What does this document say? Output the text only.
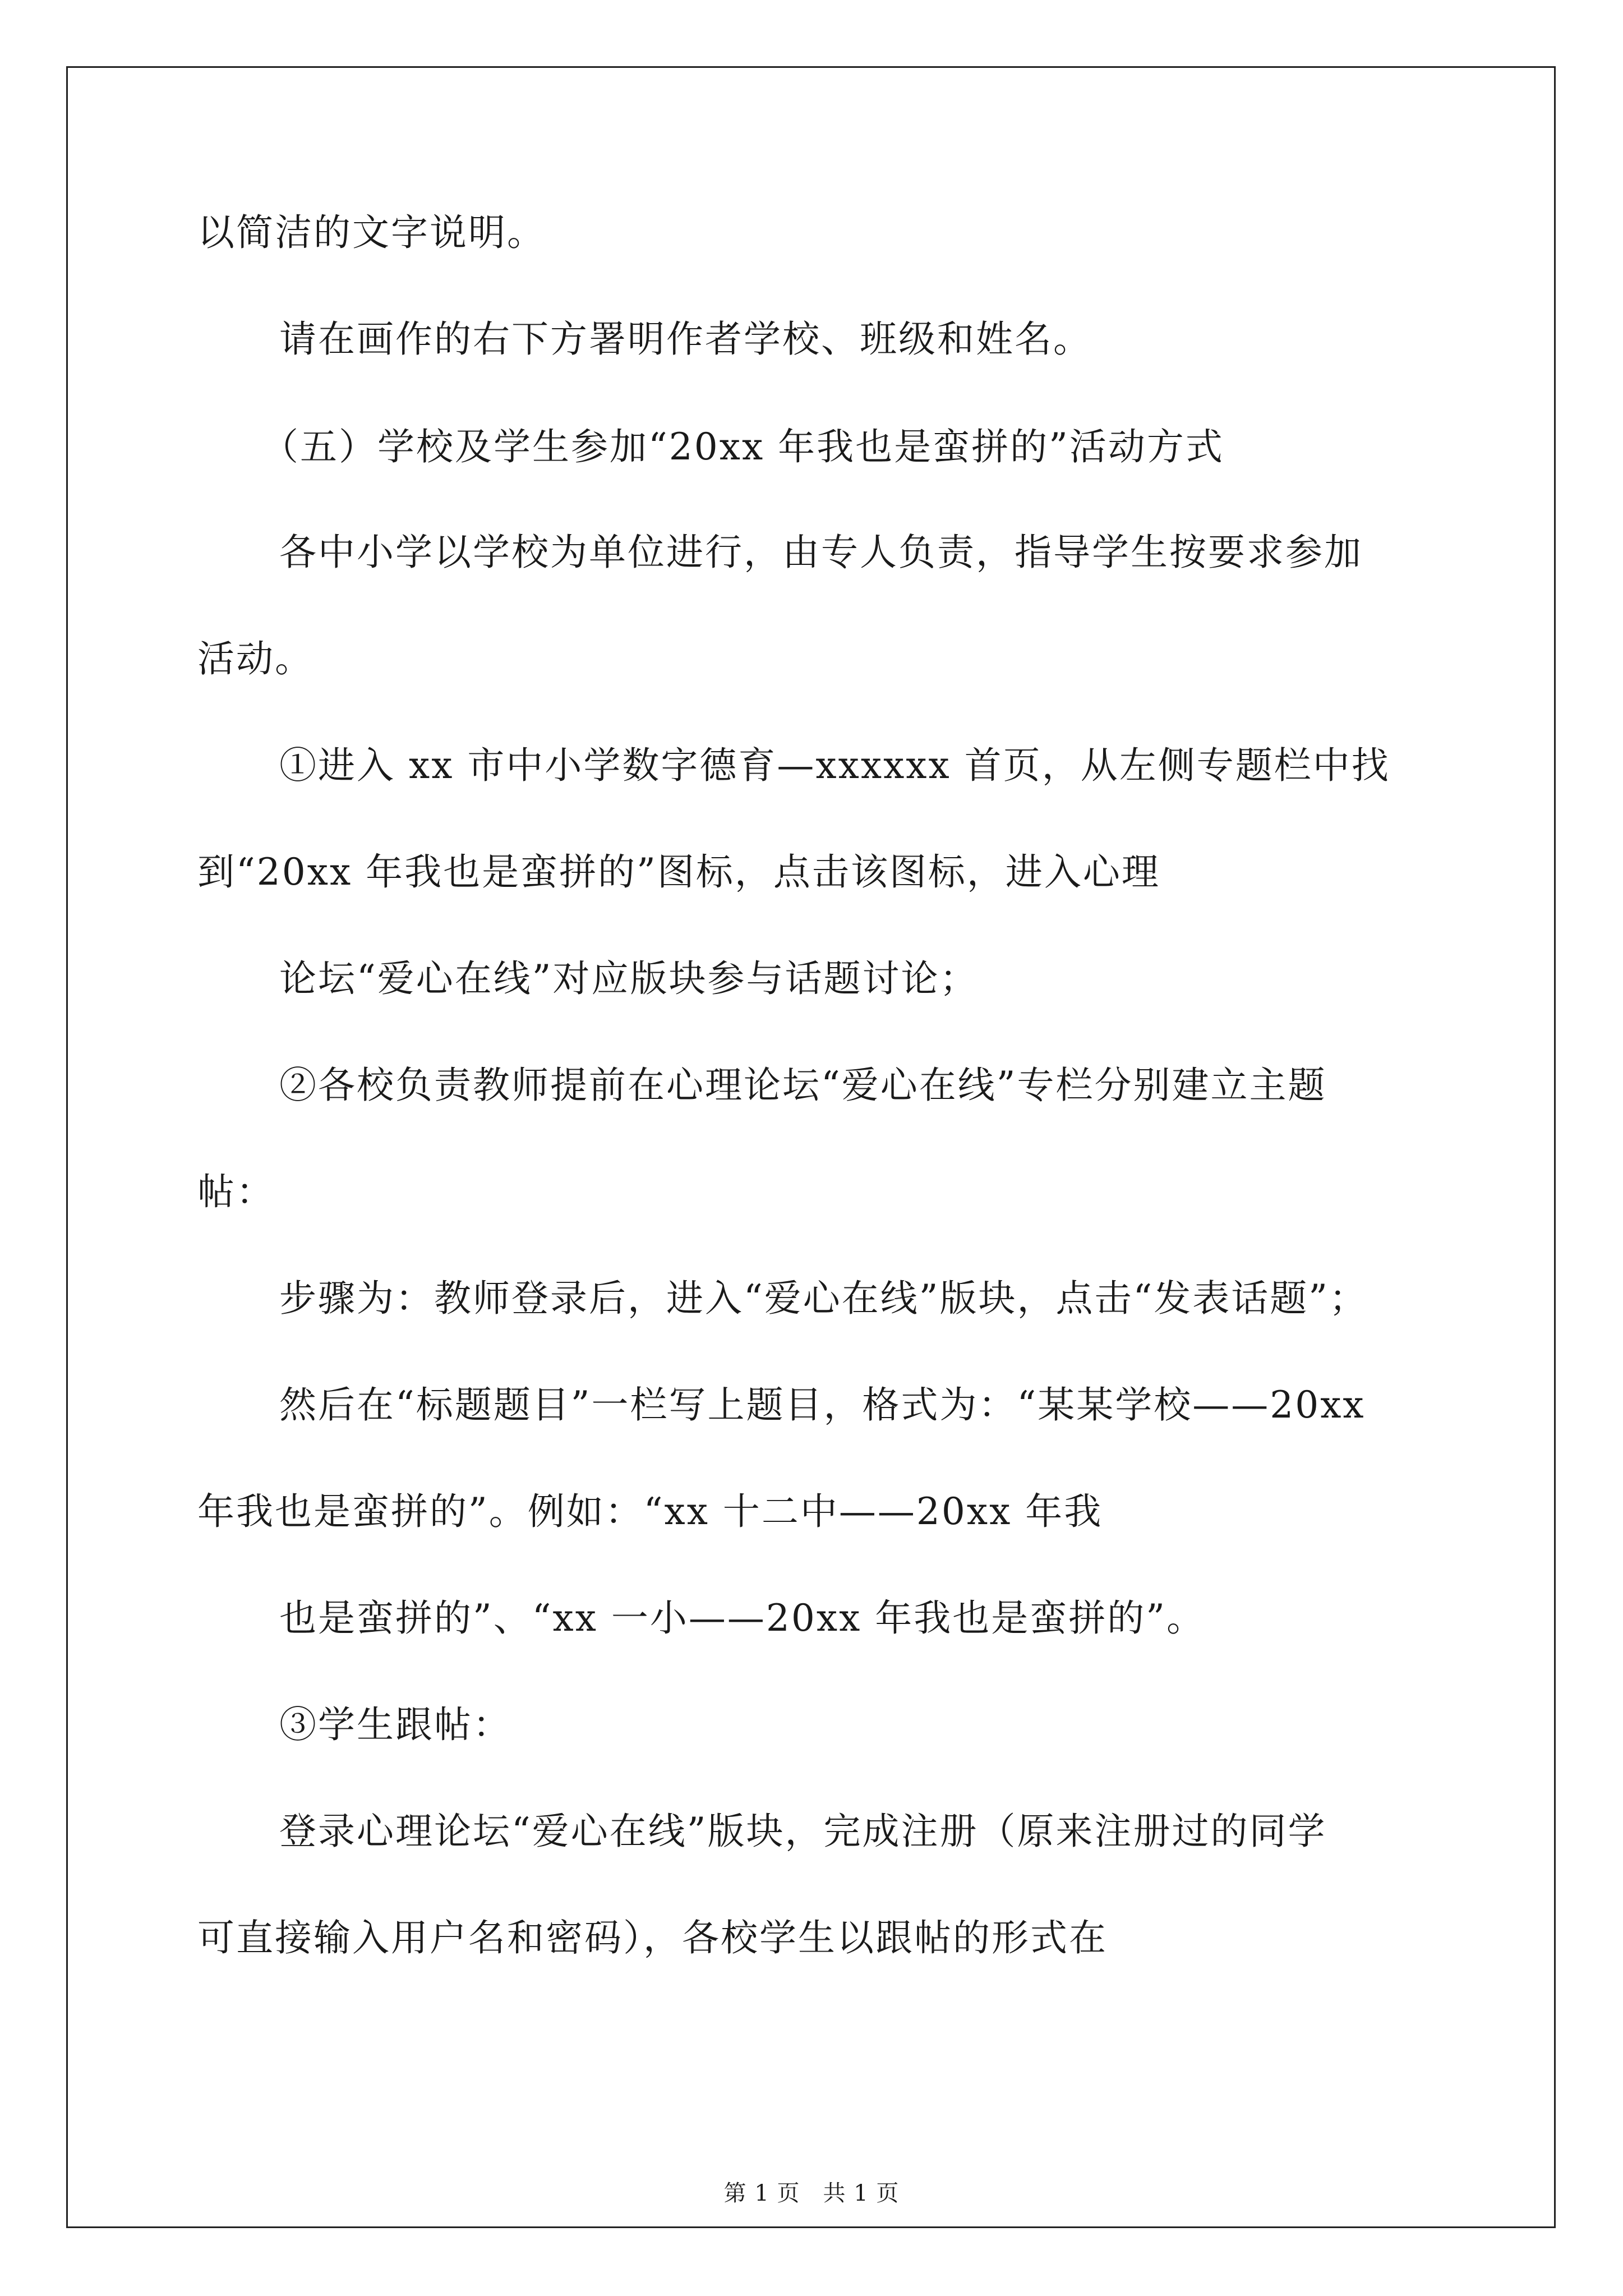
以简洁的文字说明。
请在画作的右下方署明作者学校、班级和姓名。
（五）学校及学生参加“20xx 年我也是蛮拼的”活动方式
各中小学以学校为单位进行，由专人负责，指导学生按要求参加
活动。
①进入 xx 市中小学数字德育—xxxxxx 首页，从左侧专题栏中找
到“20xx 年我也是蛮拼的”图标，点击该图标，进入心理
论坛“爱心在线”对应版块参与话题讨论；
②各校负责教师提前在心理论坛“爱心在线”专栏分别建立主题
帖：
步骤为：教师登录后，进入“爱心在线”版块，点击“发表话题”；
然后在“标题题目”一栏写上题目，格式为：“某某学校——20xx
年我也是蛮拼的”。例如：“xx 十二中——20xx 年我
也是蛮拼的”、“xx 一小——20xx 年我也是蛮拼的”。
③学生跟帖：
登录心理论坛“爱心在线”版块，完成注册（原来注册过的同学
可直接输入用户名和密码），各校学生以跟帖的形式在
第 1 页　共 1 页
